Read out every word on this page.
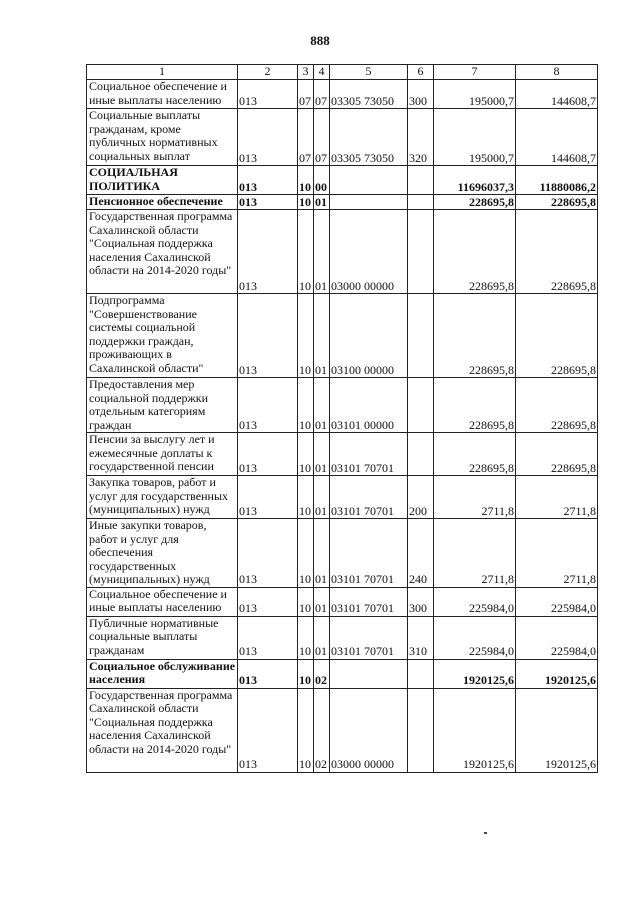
888
1	2	3	4	5	6	7	8

Социальное обеспечение и иные выплаты населению	013	07	07	03305 73050	300	195000,7	144608,7

Социальные выплаты гражданам, кроме публичных нормативных социальных выплат	013	07	07	03305 73050	320	195000,7	144608,7

СОЦИАЛЬНАЯ ПОЛИТИКА	013	10	00			11696037,3	11880086,2

Пенсионное обеспечение	013	10	01			228695,8	228695,8

Государственная программа Сахалинской области "Социальная поддержка населения Сахалинской области на 2014-2020 годы"	013	10	01	03000 00000		228695,8	228695,8

Подпрограмма "Совершенствование системы социальной поддержки граждан, проживающих в Сахалинской области"	013	10	01	03100 00000		228695,8	228695,8

Предоставления мер социальной поддержки отдельным категориям граждан	013	10	01	03101 00000		228695,8	228695,8

Пенсии за выслугу лет и ежемесячные доплаты к государственной пенсии	013	10	01	03101 70701		228695,8	228695,8

Закупка товаров, работ и услуг для государственных (муниципальных) нужд	013	10	01	03101 70701	200	2711,8	2711,8

Иные закупки товаров, работ и услуг для обеспечения государственных (муниципальных) нужд	013	10	01	03101 70701	240	2711,8	2711,8

Социальное обеспечение и иные выплаты населению	013	10	01	03101 70701	300	225984,0	225984,0

Публичные нормативные социальные выплаты гражданам	013	10	01	03101 70701	310	225984,0	225984,0

Социальное обслуживание населения	013	10	02			1920125,6	1920125,6

Государственная программа Сахалинской области "Социальная поддержка населения Сахалинской области на 2014-2020 годы"	013	10	02	03000 00000		1920125,6	1920125,6
